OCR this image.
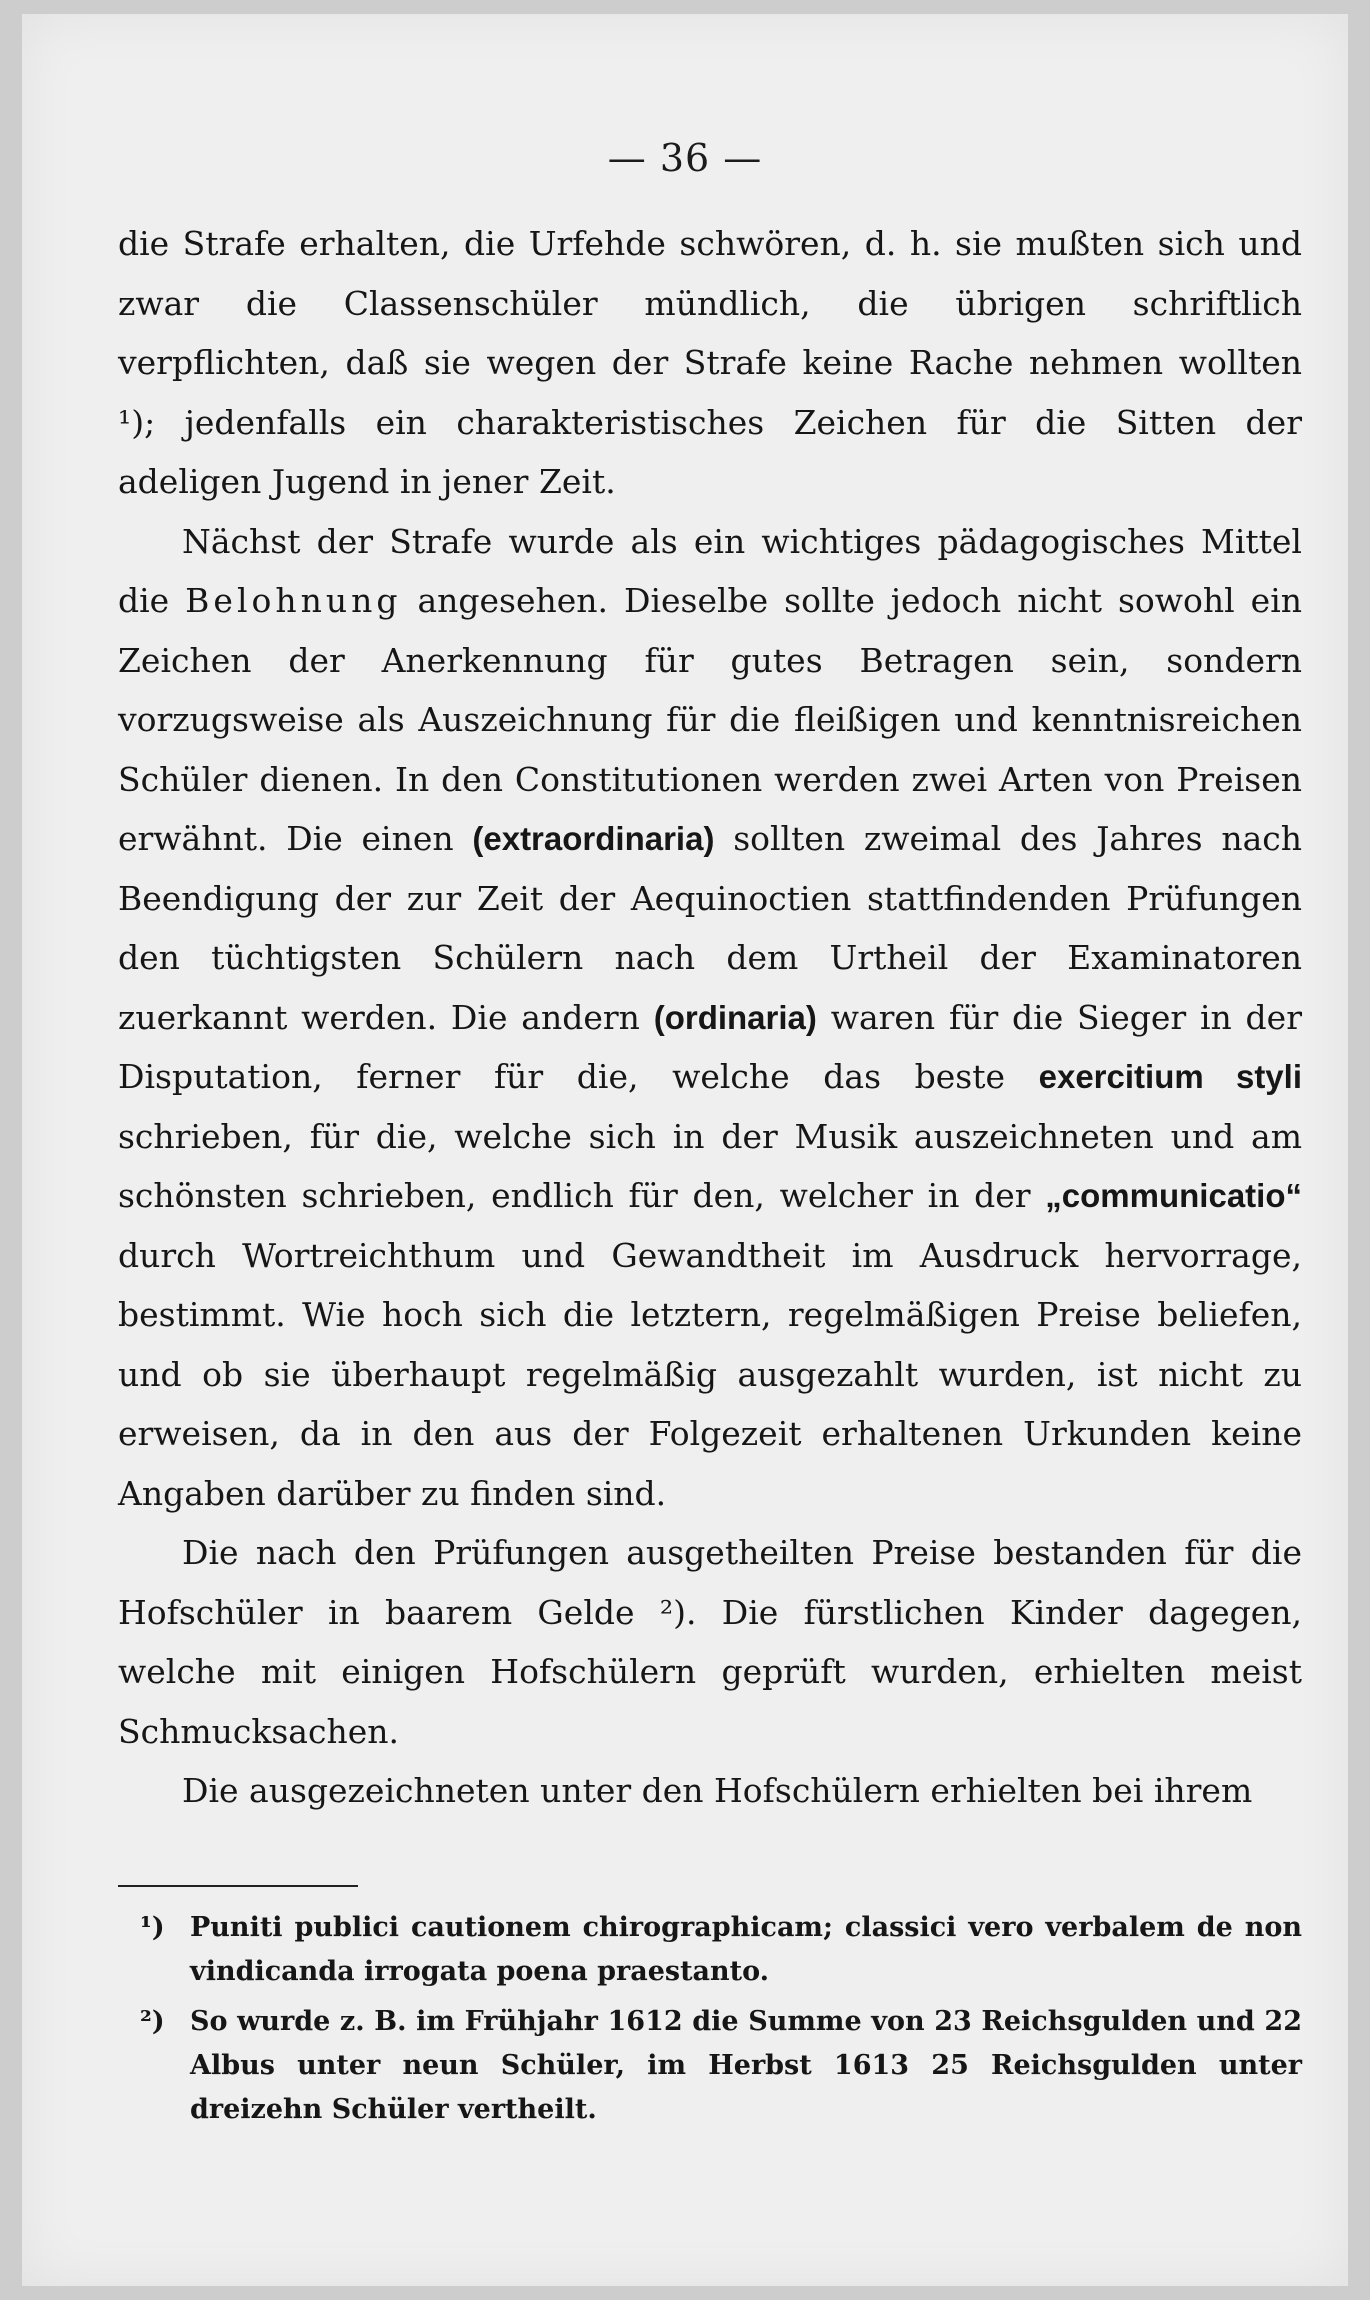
— 36 —

die Strafe erhalten, die Urfehde schwören, d. h. sie mußten sich und zwar die Classenschüler mündlich, die übrigen schriftlich verpflichten, daß sie wegen der Strafe keine Rache nehmen wollten ¹); jedenfalls ein charakteristisches Zeichen für die Sitten der adeligen Jugend in jener Zeit.

Nächst der Strafe wurde als ein wichtiges pädagogisches Mittel die Belohnung angesehen. Dieselbe sollte jedoch nicht sowohl ein Zeichen der Anerkennung für gutes Betragen sein, sondern vorzugsweise als Auszeichnung für die fleißigen und kenntnisreichen Schüler dienen. In den Constitutionen werden zwei Arten von Preisen erwähnt. Die einen (extraordinaria) sollten zweimal des Jahres nach Beendigung der zur Zeit der Aequinoctien stattfindenden Prüfungen den tüchtigsten Schülern nach dem Urtheil der Examinatoren zuerkannt werden. Die andern (ordinaria) waren für die Sieger in der Disputation, ferner für die, welche das beste exercitium styli schrieben, für die, welche sich in der Musik auszeichneten und am schönsten schrieben, endlich für den, welcher in der „communicatio“ durch Wortreichthum und Gewandtheit im Ausdruck hervorrage, bestimmt. Wie hoch sich die letztern, regelmäßigen Preise beliefen, und ob sie überhaupt regelmäßig ausgezahlt wurden, ist nicht zu erweisen, da in den aus der Folgezeit erhaltenen Urkunden keine Angaben darüber zu finden sind.

Die nach den Prüfungen ausgetheilten Preise bestanden für die Hofschüler in baarem Gelde ²). Die fürstlichen Kinder dagegen, welche mit einigen Hofschülern geprüft wurden, erhielten meist Schmucksachen.

Die ausgezeichneten unter den Hofschülern erhielten bei ihrem

¹) Puniti publici cautionem chirographicam; classici vero verbalem de non vindicanda irrogata poena praestanto.
²) So wurde z. B. im Frühjahr 1612 die Summe von 23 Reichsgulden und 22 Albus unter neun Schüler, im Herbst 1613 25 Reichsgulden unter dreizehn Schüler vertheilt.
